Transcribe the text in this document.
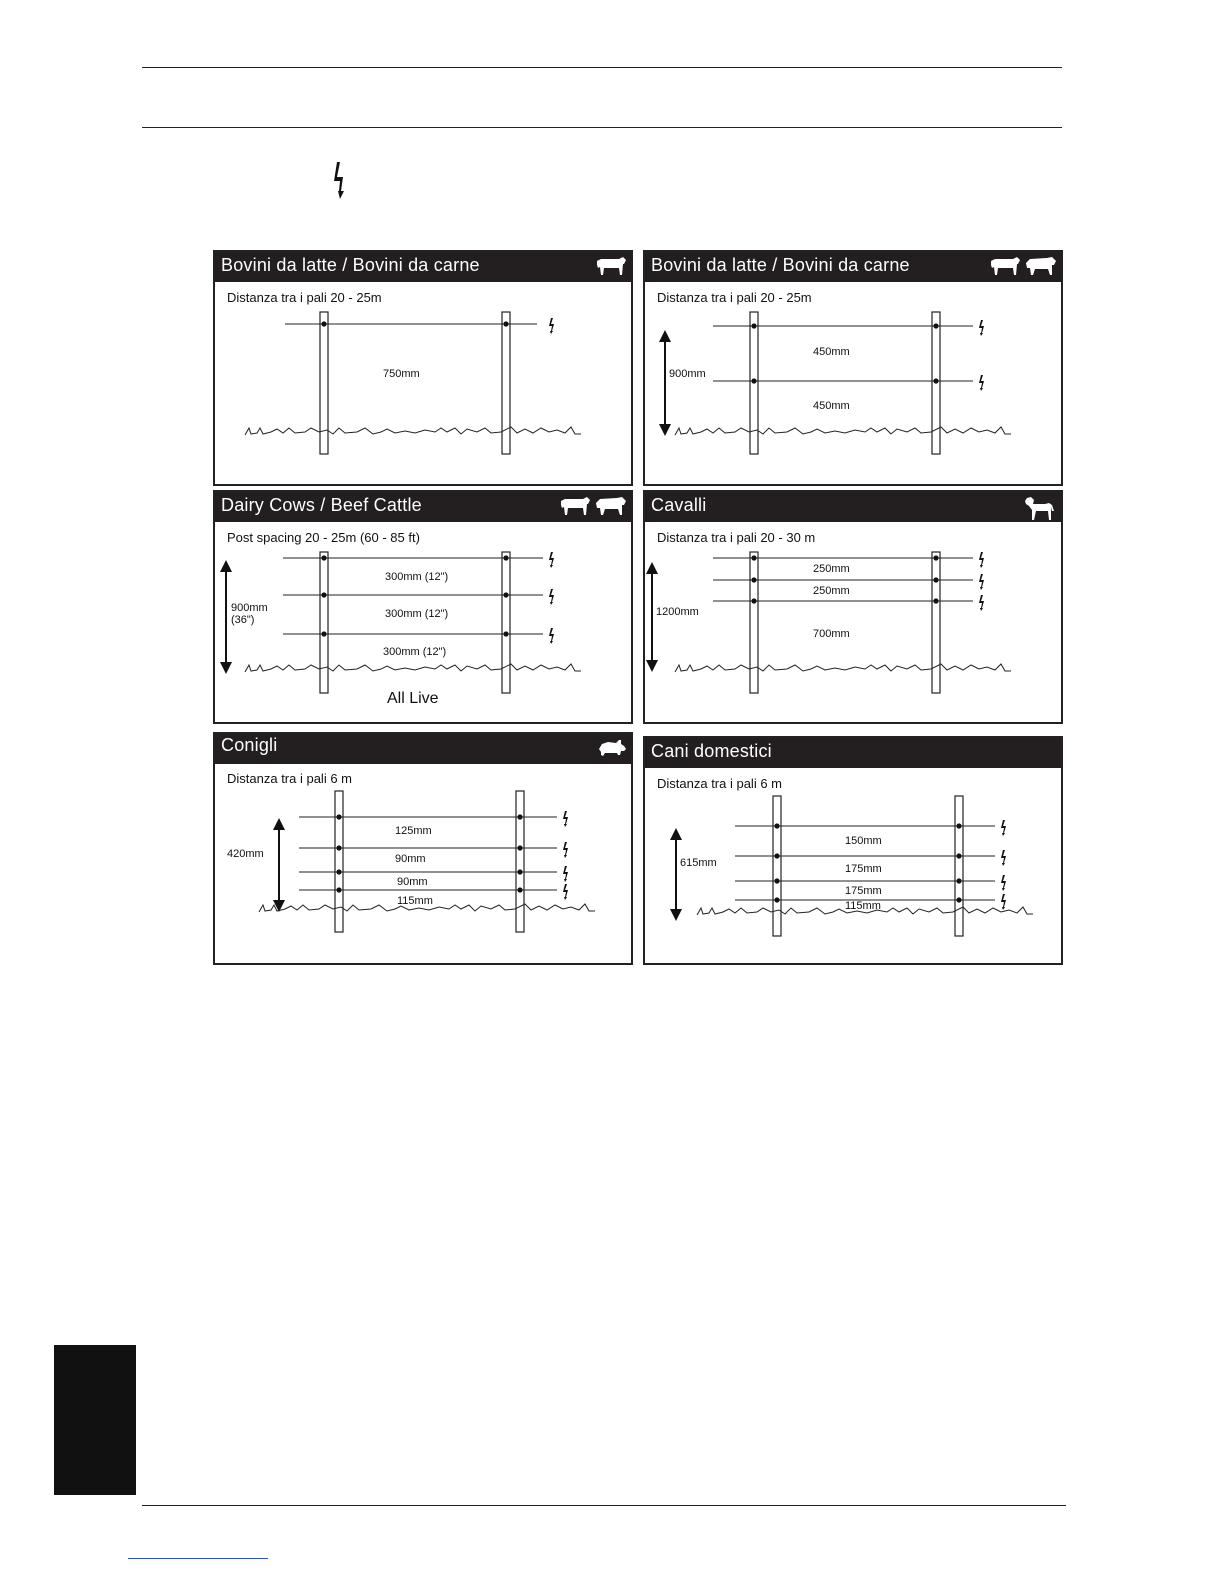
Bovini da latte / Bovini da carne
Distanza tra i pali 20 - 25m
750mm
Bovini da latte / Bovini da carne
Distanza tra i pali 20 - 25m
450mm
450mm
900mm
Dairy Cows / Beef Cattle
Post spacing 20 - 25m (60 - 85 ft)
300mm (12")
300mm (12")
300mm (12")
900mm
(36")
All Live
Cavalli
Distanza tra i pali 20 - 30 m
250mm
250mm
700mm
1200mm
Conigli
Distanza tra i pali 6 m
125mm
90mm
90mm
115mm
420mm
Cani domestici
Distanza tra i pali 6 m
150mm
175mm
175mm
115mm
615mm
